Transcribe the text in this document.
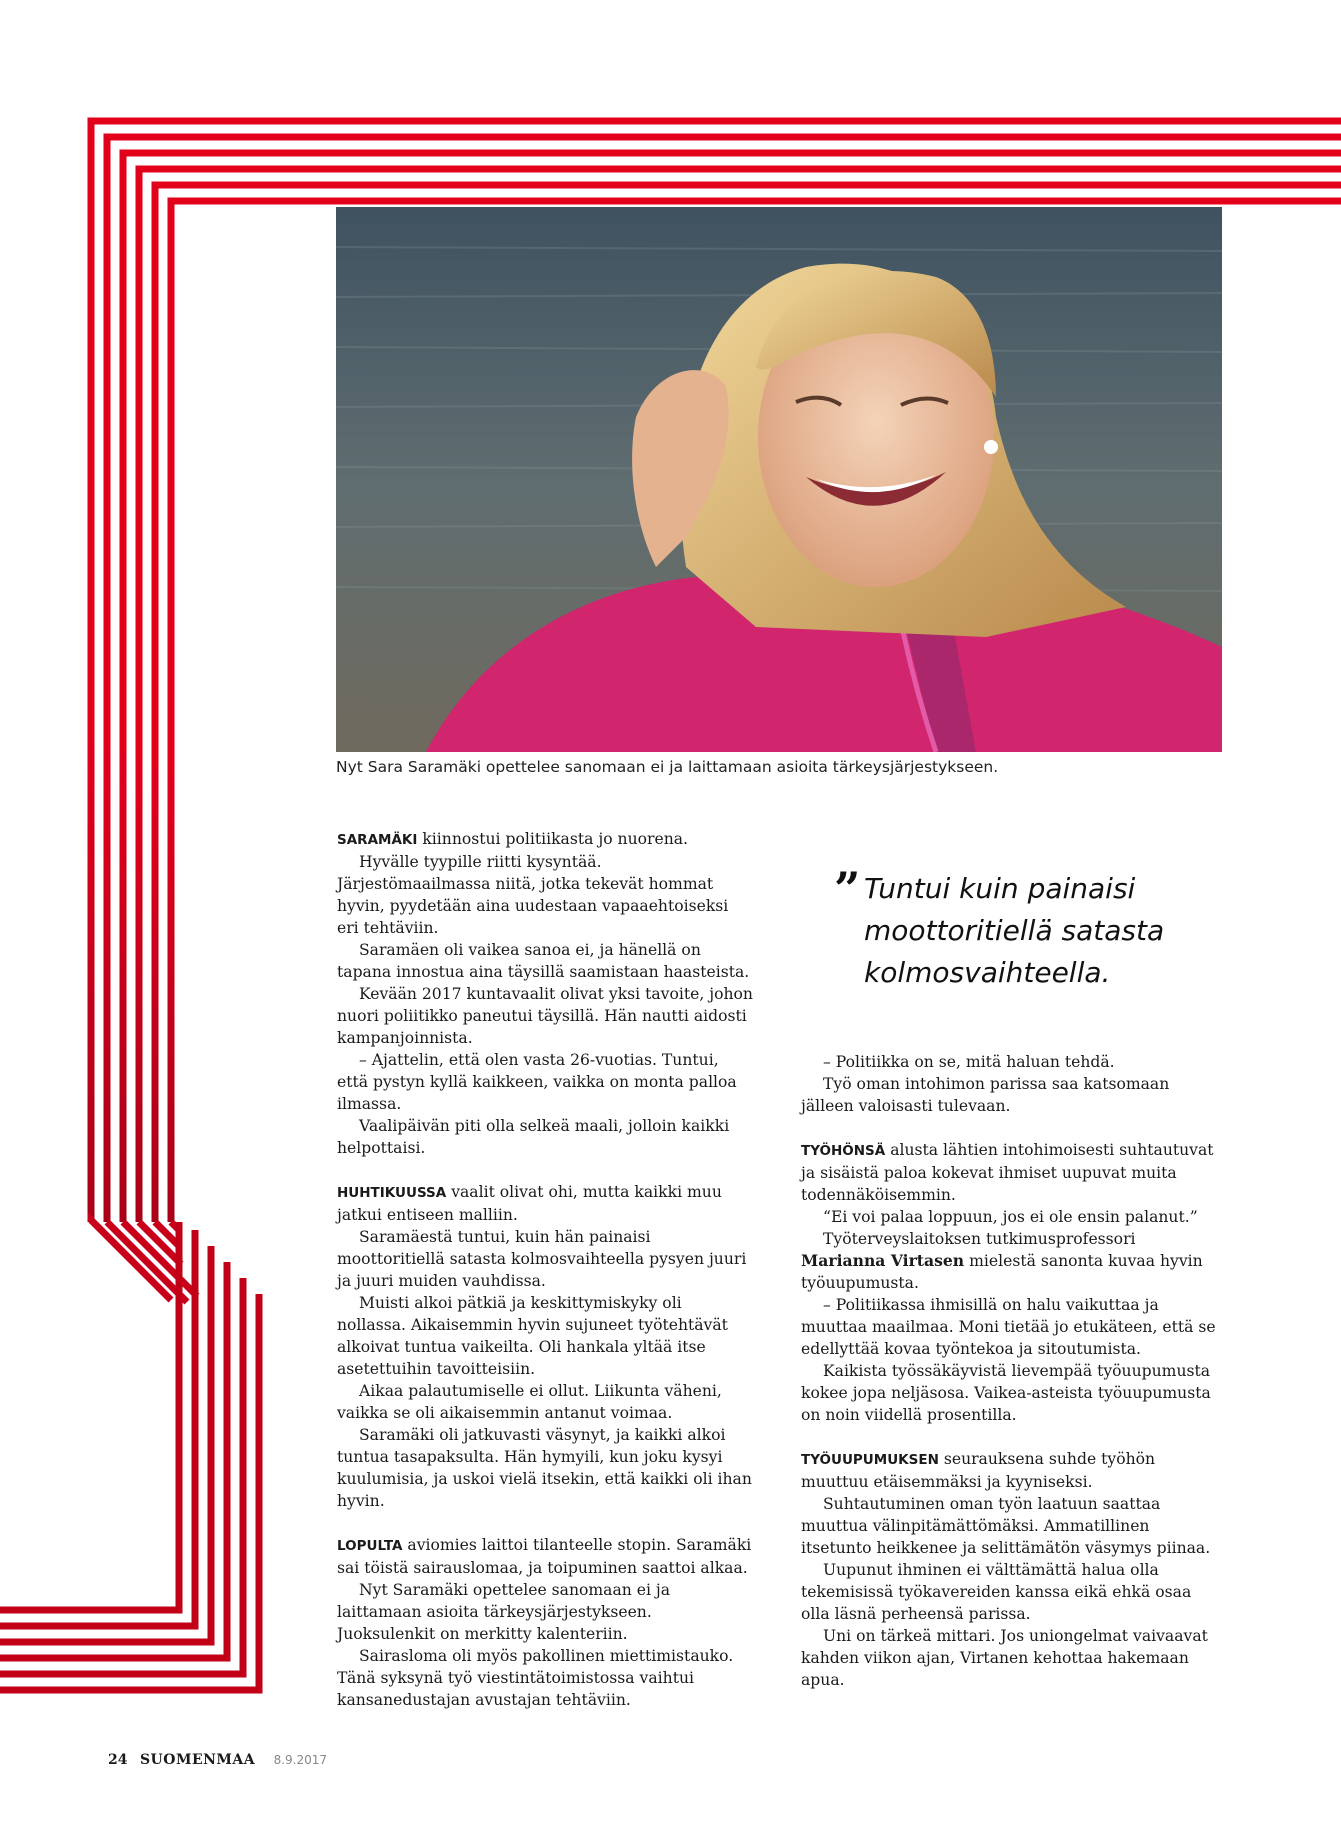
Nyt Sara Saramäki opettelee sanomaan ei ja laittamaan asioita tärkeysjärjestykseen.

SARAMÄKI kiinnostui politiikasta jo nuorena.

Hyvälle tyypille riitti kysyntää. Järjestömaailmassa niitä, jotka tekevät hommat hyvin, pyydetään aina uudestaan vapaaehtoiseksi eri tehtäviin.

Saramäen oli vaikea sanoa ei, ja hänellä on tapana innostua aina täysillä saamistaan haasteista.

Kevään 2017 kuntavaalit olivat yksi tavoite, johon nuori poliitikko paneutui täysillä. Hän nautti aidosti kampanjoinnista.

– Ajattelin, että olen vasta 26-vuotias. Tuntui, että pystyn kyllä kaikkeen, vaikka on monta palloa ilmassa.

Vaalipäivän piti olla selkeä maali, jolloin kaikki helpottaisi.

HUHTIKUUSSA vaalit olivat ohi, mutta kaikki muu jatkui entiseen malliin.

Saramäestä tuntui, kuin hän painaisi moottoritiellä satasta kolmosvaihteella pysyen juuri ja juuri muiden vauhdissa.

Muisti alkoi pätkiä ja keskittymiskyky oli nollassa. Aikaisemmin hyvin sujuneet työtehtävät alkoivat tuntua vaikeilta. Oli hankala yltää itse asetettuihin tavoitteisiin.

Aikaa palautumiselle ei ollut. Liikunta väheni, vaikka se oli aikaisemmin antanut voimaa.

Saramäki oli jatkuvasti väsynyt, ja kaikki alkoi tuntua tasapaksulta. Hän hymyili, kun joku kysyi kuulumisia, ja uskoi vielä itsekin, että kaikki oli ihan hyvin.

LOPULTA aviomies laittoi tilanteelle stopin. Saramäki sai töistä sairauslomaa, ja toipuminen saattoi alkaa.

Nyt Saramäki opettelee sanomaan ei ja laittamaan asioita tärkeysjärjestykseen. Juoksulenkit on merkitty kalenteriin.

Sairasloma oli myös pakollinen miettimistauko. Tänä syksynä työ viestintätoimistossa vaihtui kansanedustajan avustajan tehtäviin.

” Tuntui kuin painaisi moottoritiellä satasta kolmosvaihteella.

– Politiikka on se, mitä haluan tehdä.

Työ oman intohimon parissa saa katsomaan jälleen valoisasti tulevaan.

TYÖHÖNSÄ alusta lähtien intohimoisesti suhtautuvat ja sisäistä paloa kokevat ihmiset uupuvat muita todennäköisemmin.

“Ei voi palaa loppuun, jos ei ole ensin palanut.”

Työterveyslaitoksen tutkimusprofessori Marianna Virtasen mielestä sanonta kuvaa hyvin työuupumusta.

– Politiikassa ihmisillä on halu vaikuttaa ja muuttaa maailmaa. Moni tietää jo etukäteen, että se edellyttää kovaa työntekoa ja sitoutumista.

Kaikista työssäkäyvistä lievempää työuupumusta kokee jopa neljäsosa. Vaikea-asteista työuupumusta on noin viidellä prosentilla.

TYÖUUPUMUKSEN seurauksena suhde työhön muuttuu etäisemmäksi ja kyyniseksi.

Suhtautuminen oman työn laatuun saattaa muuttua välinpitämättömäksi. Ammatillinen itsetunto heikkenee ja selittämätön väsymys piinaa.

Uupunut ihminen ei välttämättä halua olla tekemisissä työkavereiden kanssa eikä ehkä osaa olla läsnä perheensä parissa.

Uni on tärkeä mittari. Jos uniongelmat vaivaavat kahden viikon ajan, Virtanen kehottaa hakemaan apua.

24 SUOMENMAA 8.9.2017
